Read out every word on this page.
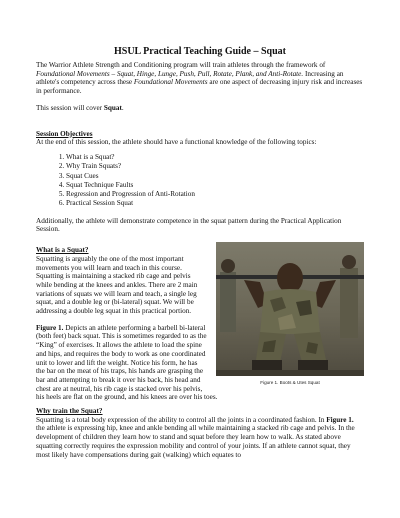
HSUL Practical Teaching Guide – Squat

The Warrior Athlete Strength and Conditioning program will train athletes through the framework of Foundational Movements – Squat, Hinge, Lunge, Push, Pull, Rotate, Plank, and Anti-Rotate. Increasing an athlete's competency across these Foundational Movements are one aspect of decreasing injury risk and increases in performance.

This session will cover Squat.

Session Objectives

At the end of this session, the athlete should have a functional knowledge of the following topics:

1. What is a Squat?
2. Why Train Squats?
3. Squat Cues
4. Squat Technique Faults
5. Regression and Progression of Anti-Rotation
6. Practical Session Squat

Additionally, the athlete will demonstrate competence in the squat pattern during the Practical Application Session.

Figure 1. Boots & Utes Squat

What is a Squat?

Squatting is arguably the one of the most important movements you will learn and teach in this course. Squatting is maintaining a stacked rib cage and pelvis while bending at the knees and ankles. There are 2 main variations of squats we will learn and teach, a single leg squat, and a double leg or (bi-lateral) squat. We will be addressing a double leg squat in this practical portion.

Figure 1. Depicts an athlete performing a barbell bi-lateral (both feet) back squat. This is sometimes regarded to as the “King” of exercises. It allows the athlete to load the spine and hips, and requires the body to work as one coordinated unit to lower and lift the weight. Notice his form, he has the bar on the meat of his traps, his hands are grasping the bar and attempting to break it over his back, his head and chest are at neutral, his rib cage is stacked over his pelvis, his heels are flat on the ground, and his knees are over his toes.

Why train the Squat?

Squatting is a total body expression of the ability to control all the joints in a coordinated fashion. In Figure 1. the athlete is expressing hip, knee and ankle bending all while maintaining a stacked rib cage and pelvis. In the development of children they learn how to stand and squat before they learn how to walk. As stated above squatting correctly requires the expression mobility and control of your joints. If an athlete cannot squat, they most likely have compensations during gait (walking) which equates to
